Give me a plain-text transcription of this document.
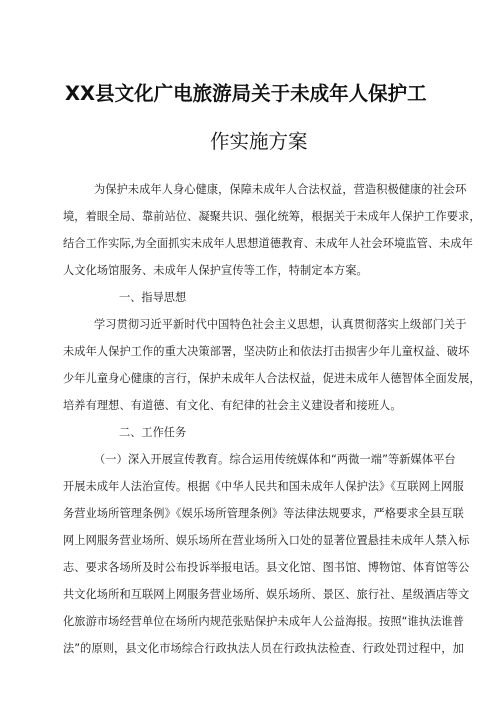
XX县文化广电旅游局关于未成年人保护工
作实施方案
为保护未成年人身心健康，保障未成年人合法权益，营造积极健康的社会环
境，着眼全局、靠前站位、凝聚共识、强化统筹，根据关于未成年人保护工作要求，
结合工作实际,为全面抓实未成年人思想道德教育、未成年人社会环境监管、未成年
人文化场馆服务、未成年人保护宣传等工作，特制定本方案。
一、指导思想
学习贯彻习近平新时代中国特色社会主义思想，认真贯彻落实上级部门关于
未成年人保护工作的重大决策部署，坚决防止和依法打击损害少年儿童权益、破坏
少年儿童身心健康的言行，保护未成年人合法权益，促进未成年人德智体全面发展，
培养有理想、有道德、有文化、有纪律的社会主义建设者和接班人。
二、工作任务
（一）深入开展宣传教育。综合运用传统媒体和“两微一端”等新媒体平台
开展未成年人法治宣传。根据《中华人民共和国未成年人保护法》《互联网上网服
务营业场所管理条例》《娱乐场所管理条例》等法律法规要求，严格要求全县互联
网上网服务营业场所、娱乐场所在营业场所入口处的显著位置悬挂未成年人禁入标
志、要求各场所及时公布投诉举报电话。县文化馆、图书馆、博物馆、体育馆等公
共文化场所和互联网上网服务营业场所、娱乐场所、景区、旅行社、星级酒店等文
化旅游市场经营单位在场所内规范张贴保护未成年人公益海报。按照“谁执法谁普
法”的原则，县文化市场综合行政执法人员在行政执法检查、行政处罚过程中，加
